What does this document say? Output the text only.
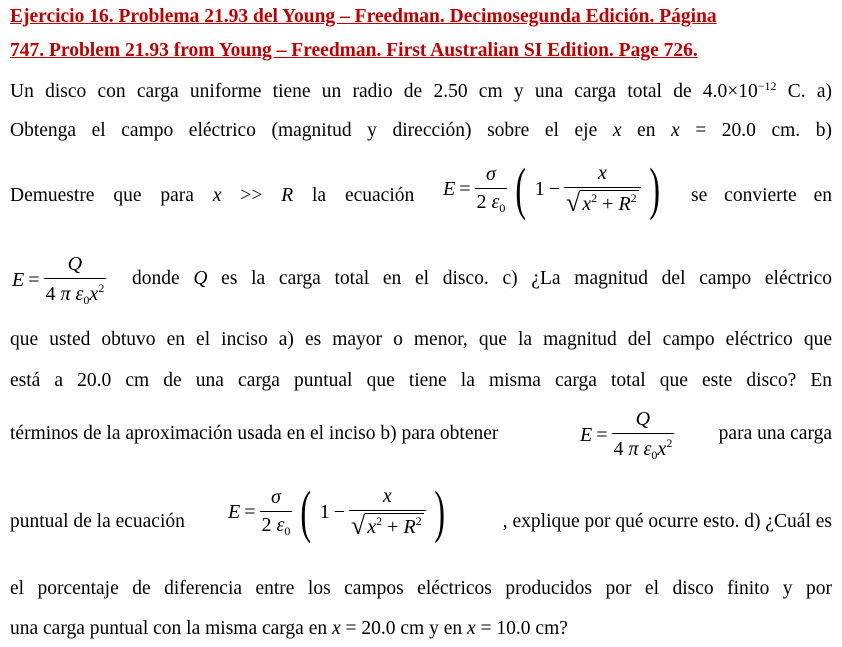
Ejercicio 16. Problema 21.93 del Young – Freedman. Decimosegunda Edición. Página
747. Problem 21.93 from Young – Freedman. First Australian SI Edition. Page 726.
Un disco con carga uniforme tiene un radio de 2.50 cm y una carga total de $4.0\times 10^{-12}$ C. a)
Obtenga el campo eléctrico (magnitud y dirección) sobre el eje x en x = 20.0 cm. b)
Demuestre que para x >> R la ecuación	$E = \frac{\sigma}{2 \varepsilon_0}$ ( $1 - \frac{x}{√ x^2 + R^2}$ )	se convierte en
$E = \frac{Q}{4 \pi \varepsilon_0x^2}$ donde Q es la carga total en el disco. c) ¿La magnitud del campo eléctrico
que usted obtuvo en el inciso a) es mayor o menor, que la magnitud del campo eléctrico que
está a 20.0 cm de una carga puntual que tiene la misma carga total que este disco? En
términos de la aproximación usada en el inciso b) para obtener	$E = \frac{Q}{4 \pi \varepsilon_0x^2}$	para una carga
puntual de la ecuación	$E = \frac{\sigma}{2 \varepsilon_0}$ ( $1 - \frac{x}{√ x^2 + R^2}$ )	, explique por qué ocurre esto. d) ¿Cuál es
el porcentaje de diferencia entre los campos eléctricos producidos por el disco finito y por
una carga puntual con la misma carga en x = 20.0 cm y en x = 10.0 cm?
